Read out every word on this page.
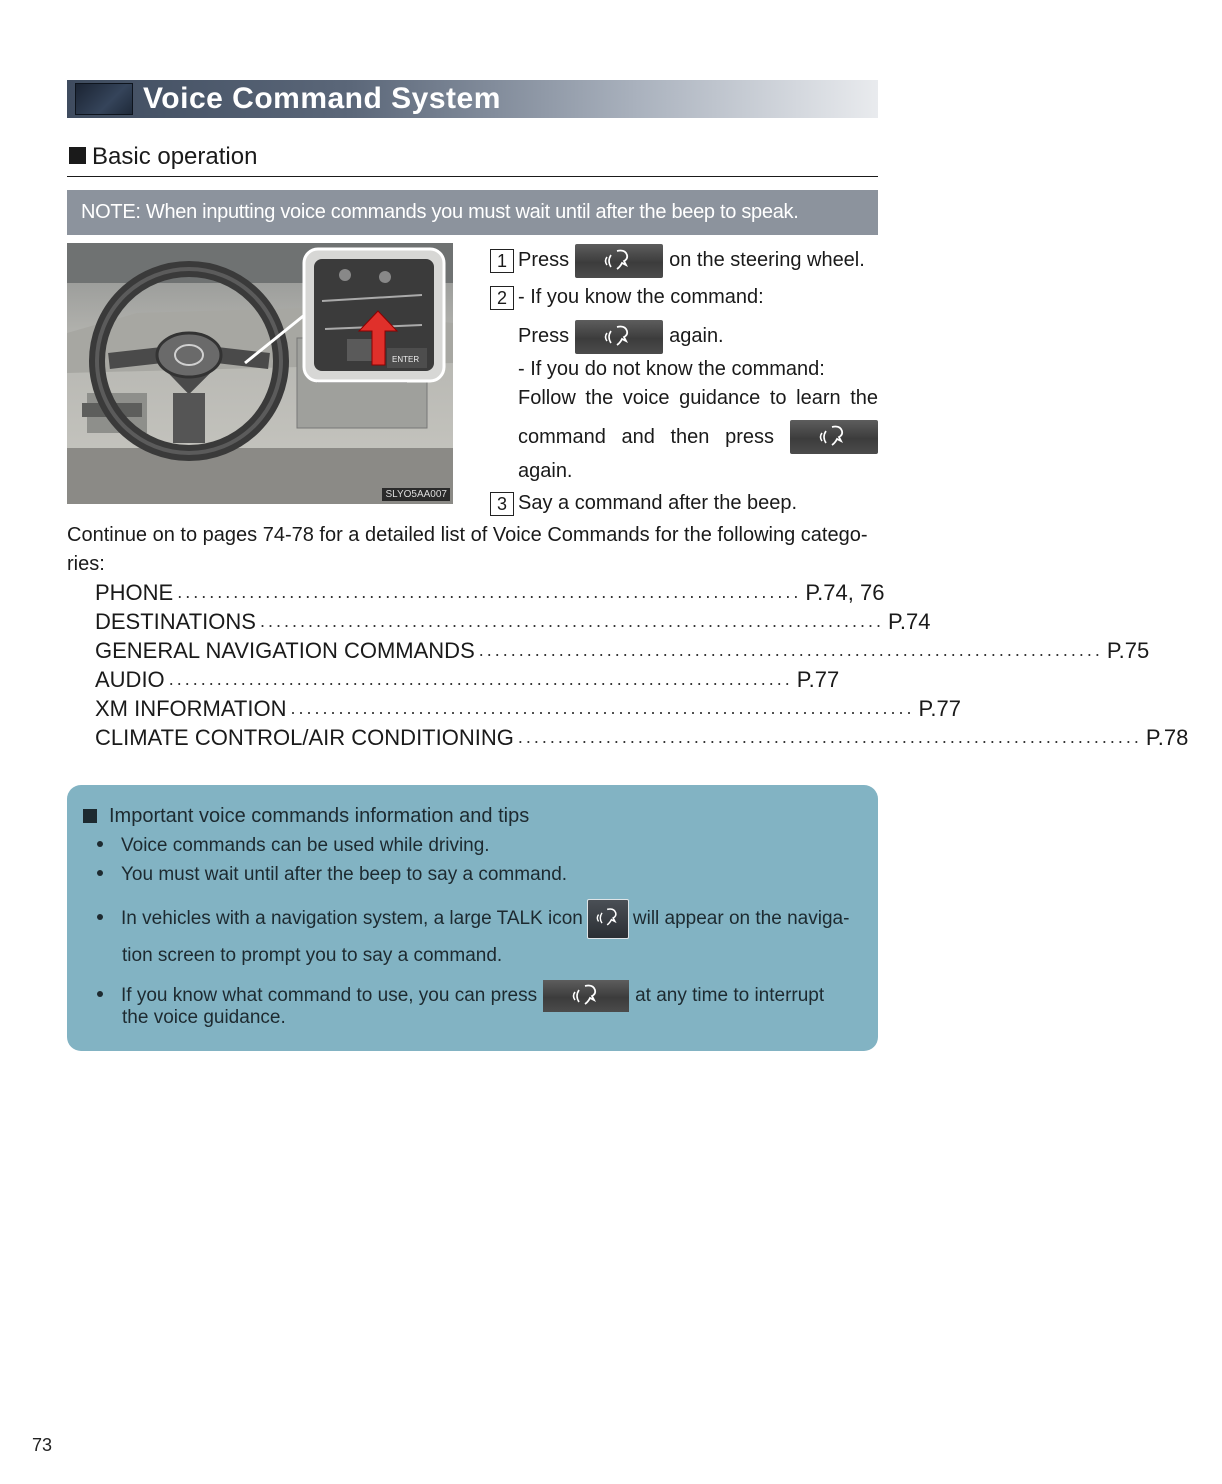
Voice Command System
Basic operation
NOTE: When inputting voice commands you must wait until after the beep to speak.
ENTER
SLYO5AA007
1 Press	on the steering wheel.
2 - If you know the command:
Press	again.
- If you do not know the command:
Follow the voice guidance to learn the
command and then press
again.
3 Say a command after the beep.
Continue on to pages 74-78 for a detailed list of Voice Commands for the following catego-ries:
PHONE .............................................................................. P.74, 76
DESTINATIONS .............................................................................. P.74
GENERAL NAVIGATION COMMANDS .............................................................................. P.75
AUDIO .............................................................................. P.77
XM INFORMATION .............................................................................. P.77
CLIMATE CONTROL/AIR CONDITIONING .............................................................................. P.78
Important voice commands information and tips
Voice commands can be used while driving.
You must wait until after the beep to say a command.
In vehicles with a navigation system, a large TALK icon	will appear on the naviga-
tion screen to prompt you to say a command.
If you know what command to use, you can press	at any time to interrupt
the voice guidance.
73
